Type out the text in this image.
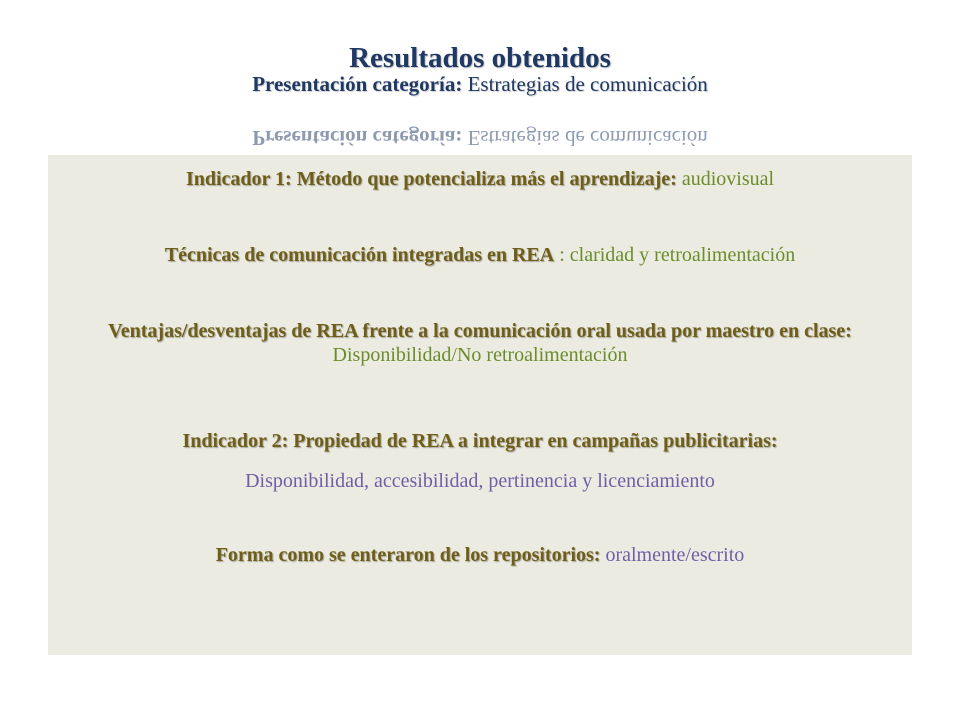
Resultados obtenidos
Presentación categoría: Estrategias de comunicación
Presentación categoría: Estrategias de comunicación
Indicador 1: Método que potencializa más el aprendizaje: audiovisual
Técnicas de comunicación integradas en REA : claridad y retroalimentación
Ventajas/desventajas de REA frente a la comunicación oral usada por maestro en clase: Disponibilidad/No retroalimentación
Indicador 2: Propiedad de REA a integrar en campañas publicitarias:
Disponibilidad, accesibilidad, pertinencia y licenciamiento
Forma como se enteraron de los repositorios: oralmente/escrito
